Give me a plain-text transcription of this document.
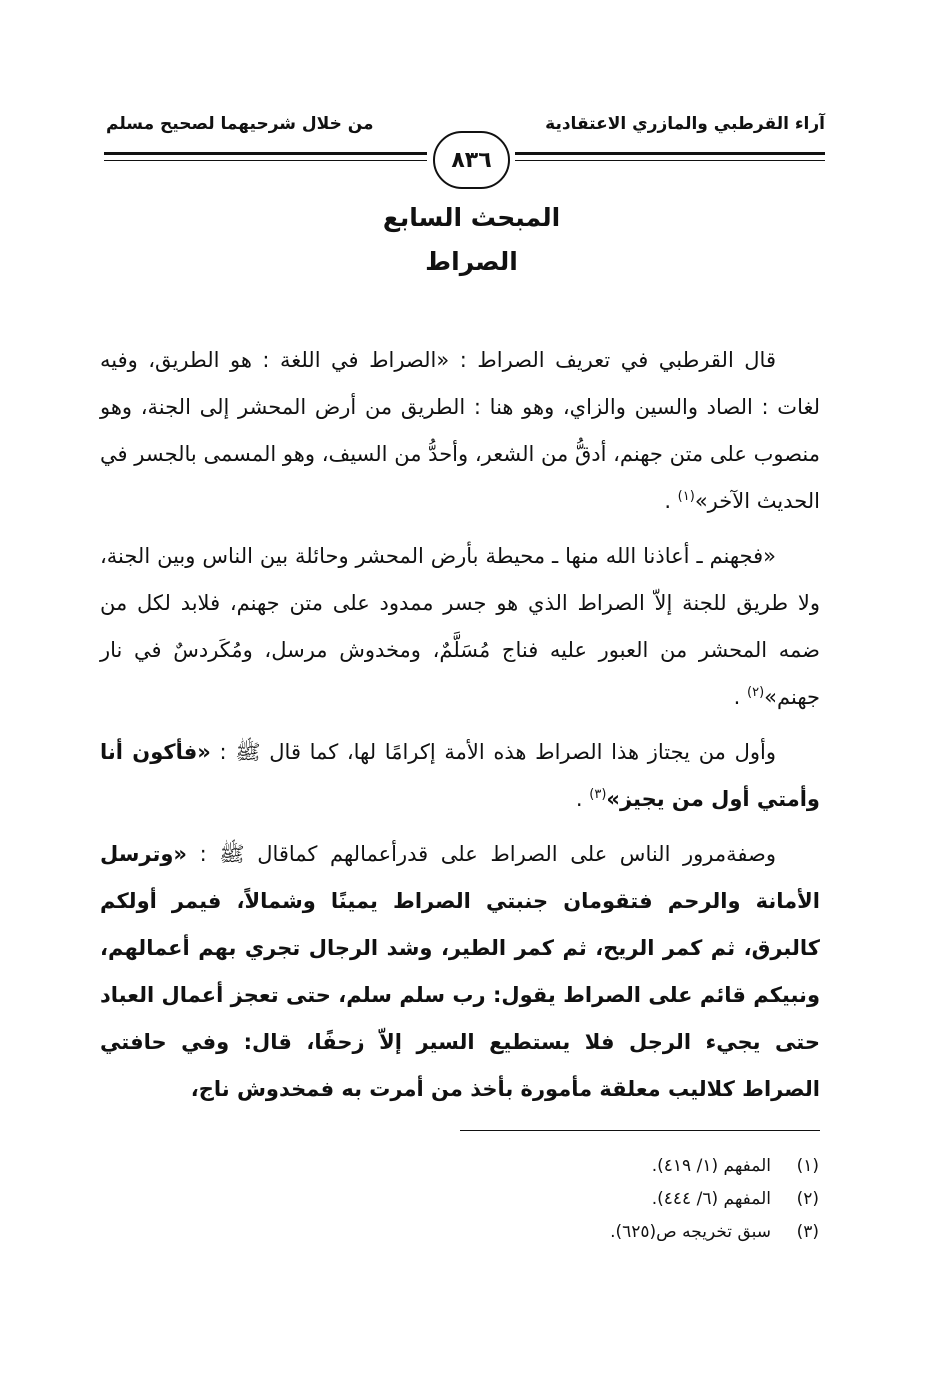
آراء القرطبي والمازري الاعتقادية
من خلال شرحيهما لصحيح مسلم
٨٣٦
المبحث السابع
الصراط

قال القرطبي في تعريف الصراط : «الصراط في اللغة : هو الطريق، وفيه لغات : الصاد والسين والزاي، وهو هنا : الطريق من أرض المحشر إلى الجنة، وهو منصوب على متن جهنم، أدقُّ من الشعر، وأحدُّ من السيف، وهو المسمى بالجسر في الحديث الآخر»$^{(١)}$ .

«فجهنم ـ أعاذنا الله منها ـ محيطة بأرض المحشر وحائلة بين الناس وبين الجنة، ولا طريق للجنة إلاّ الصراط الذي هو جسر ممدود على متن جهنم، فلابد لكل من ضمه المحشر من العبور عليه فناج مُسَلَّمٌ، ومخدوش مرسل، ومُكَردسٌ في نار جهنم»$^{(٢)}$ .

وأول من يجتاز هذا الصراط هذه الأمة إكرامًا لها، كما قال ﷺ : «فأكون أنا وأمتي أول من يجيز»$^{(٣)}$ .

وصفةمرور الناس على الصراط على قدرأعمالهم كماقال ﷺ : «وترسل الأمانة والرحم فتقومان جنبتي الصراط يمينًا وشمالاً، فيمر أولكم كالبرق، ثم كمر الريح، ثم كمر الطير، وشد الرجال تجري بهم أعمالهم، ونبيكم قائم على الصراط يقول: رب سلم سلم، حتى تعجز أعمال العباد حتى يجيء الرجل فلا يستطيع السير إلاّ زحفًا، قال: وفي حافتي الصراط كلاليب معلقة مأمورة بأخذ من أمرت به فمخدوش ناج،

(١)
المفهم (١/ ٤١٩).
(٢)
المفهم (٦/ ٤٤٤).
(٣)
سبق تخريجه ص(٦٢٥).
